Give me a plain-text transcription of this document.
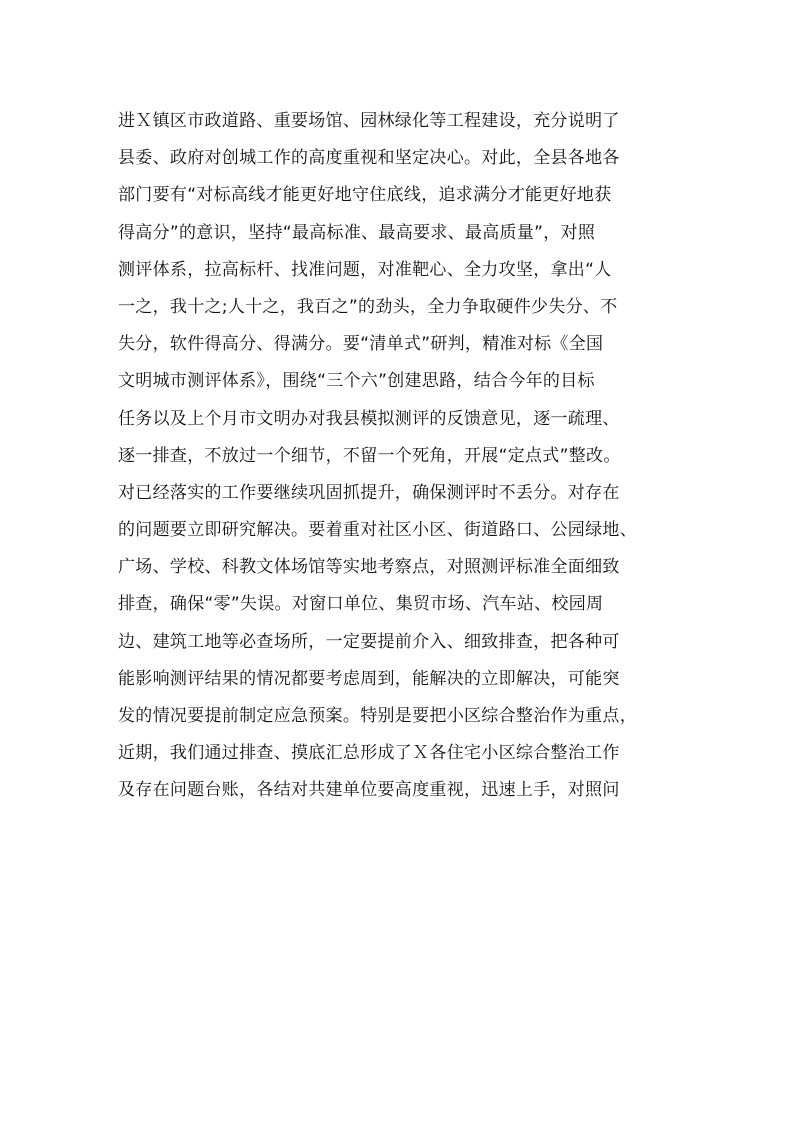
进Ｘ镇区市政道路、重要场馆、园林绿化等工程建设，充分说明了
县委、政府对创城工作的高度重视和坚定决心。对此，全县各地各
部门要有“对标高线才能更好地守住底线，追求满分才能更好地获
得高分”的意识，坚持“最高标准、最高要求、最高质量”，对照
测评体系，拉高标杆、找准问题，对准靶心、全力攻坚，拿出“人
一之，我十之;人十之，我百之”的劲头，全力争取硬件少失分、不
失分，软件得高分、得满分。要“清单式”研判，精准对标《全国
文明城市测评体系》，围绕“三个六”创建思路，结合今年的目标
任务以及上个月市文明办对我县模拟测评的反馈意见，逐一疏理、
逐一排查，不放过一个细节，不留一个死角，开展“定点式”整改。
对已经落实的工作要继续巩固抓提升，确保测评时不丢分。对存在
的问题要立即研究解决。要着重对社区小区、街道路口、公园绿地、
广场、学校、科教文体场馆等实地考察点，对照测评标准全面细致
排查，确保“零”失误。对窗口单位、集贸市场、汽车站、校园周
边、建筑工地等必查场所，一定要提前介入、细致排查，把各种可
能影响测评结果的情况都要考虑周到，能解决的立即解决，可能突
发的情况要提前制定应急预案。特别是要把小区综合整治作为重点，
近期，我们通过排查、摸底汇总形成了Ｘ各住宅小区综合整治工作
及存在问题台账，各结对共建单位要高度重视，迅速上手，对照问
